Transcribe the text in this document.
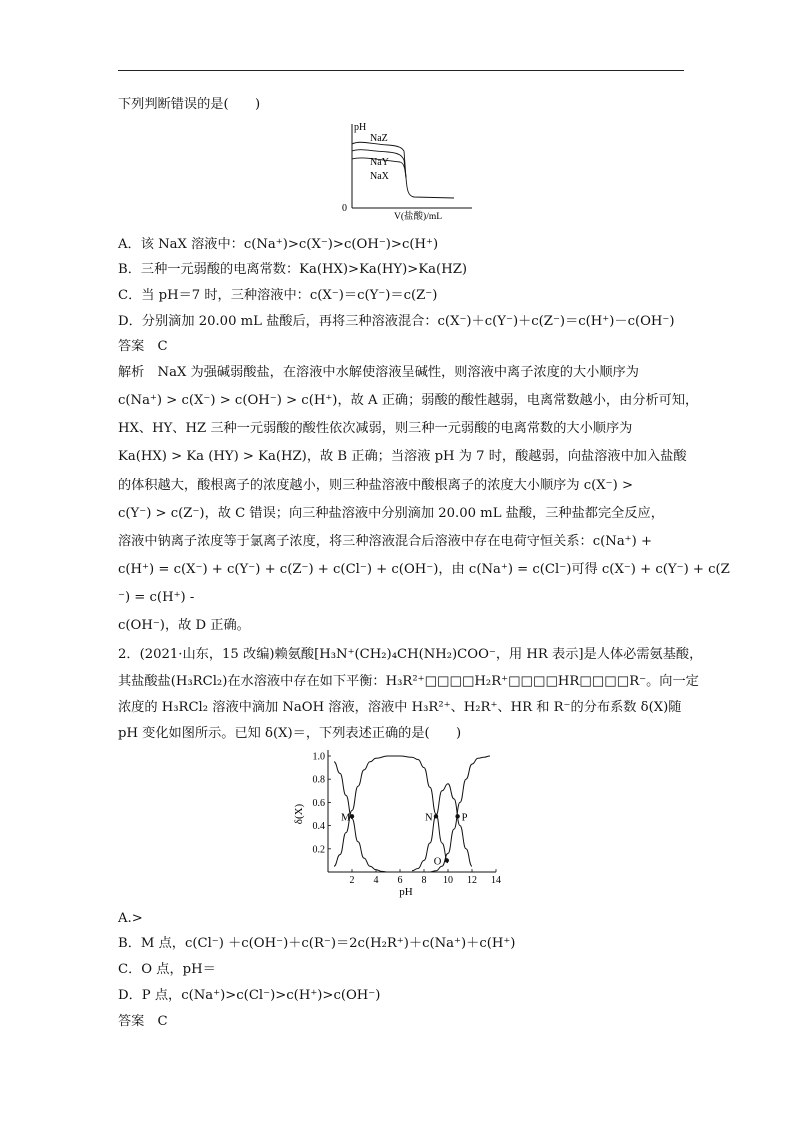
下列判断错误的是(　　)
pH
0
V(盐酸)/mL
NaZ
NaY
NaX
A．该 NaX 溶液中：c(Na⁺)>c(X⁻)>c(OH⁻)>c(H⁺)
B．三种一元弱酸的电离常数：Ka(HX)>Ka(HY)>Ka(HZ)
C．当 pH＝7 时，三种溶液中：c(X⁻)＝c(Y⁻)＝c(Z⁻)
D．分别滴加 20.00 mL 盐酸后，再将三种溶液混合：c(X⁻)＋c(Y⁻)＋c(Z⁻)＝c(H⁺)－c(OH⁻)
答案　C
解析　NaX 为强碱弱酸盐，在溶液中水解使溶液呈碱性，则溶液中离子浓度的大小顺序为
c(Na⁺) > c(X⁻) > c(OH⁻) > c(H⁺)，故 A 正确；弱酸的酸性越弱，电离常数越小，由分析可知，
HX、HY、HZ 三种一元弱酸的酸性依次减弱，则三种一元弱酸的电离常数的大小顺序为
Ka(HX) > Ka (HY) > Ka(HZ)，故 B 正确；当溶液 pH 为 7 时，酸越弱，向盐溶液中加入盐酸
的体积越大，酸根离子的浓度越小，则三种盐溶液中酸根离子的浓度大小顺序为 c(X⁻) >
c(Y⁻) > c(Z⁻)，故 C 错误；向三种盐溶液中分别滴加 20.00 mL 盐酸，三种盐都完全反应，
溶液中钠离子浓度等于氯离子浓度，将三种溶液混合后溶液中存在电荷守恒关系：c(Na⁺) +
c(H⁺) = c(X⁻) + c(Y⁻) + c(Z⁻) + c(Cl⁻) + c(OH⁻)，由 c(Na⁺) = c(Cl⁻)可得 c(X⁻) + c(Y⁻) + c(Z
⁻) = c(H⁺) -
c(OH⁻)，故 D 正确。
2．(2021·山东，15 改编)赖氨酸[H₃N⁺(CH₂)₄CH(NH₂)COO⁻，用 HR 表示]是人体必需氨基酸，
其盐酸盐(H₃RCl₂)在水溶液中存在如下平衡：H₃R²⁺□□□□H₂R⁺□□□□HR□□□□R⁻。向一定
浓度的 H₃RCl₂ 溶液中滴加 NaOH 溶液，溶液中 H₃R²⁺、H₂R⁺、HR 和 R⁻的分布系数 δ(X)随
pH 变化如图所示。已知 δ(X)＝，下列表述正确的是(　　)
2 4 6 8 10 12 14
0.2
0.4
0.6
0.8
1.0
pH
δ(X)	M	N
O
P
A.>
B．M 点，c(Cl⁻) ＋c(OH⁻)＋c(R⁻)＝2c(H₂R⁺)＋c(Na⁺)＋c(H⁺)
C．O 点，pH＝
D．P 点，c(Na⁺)>c(Cl⁻)>c(H⁺)>c(OH⁻)
答案　C
